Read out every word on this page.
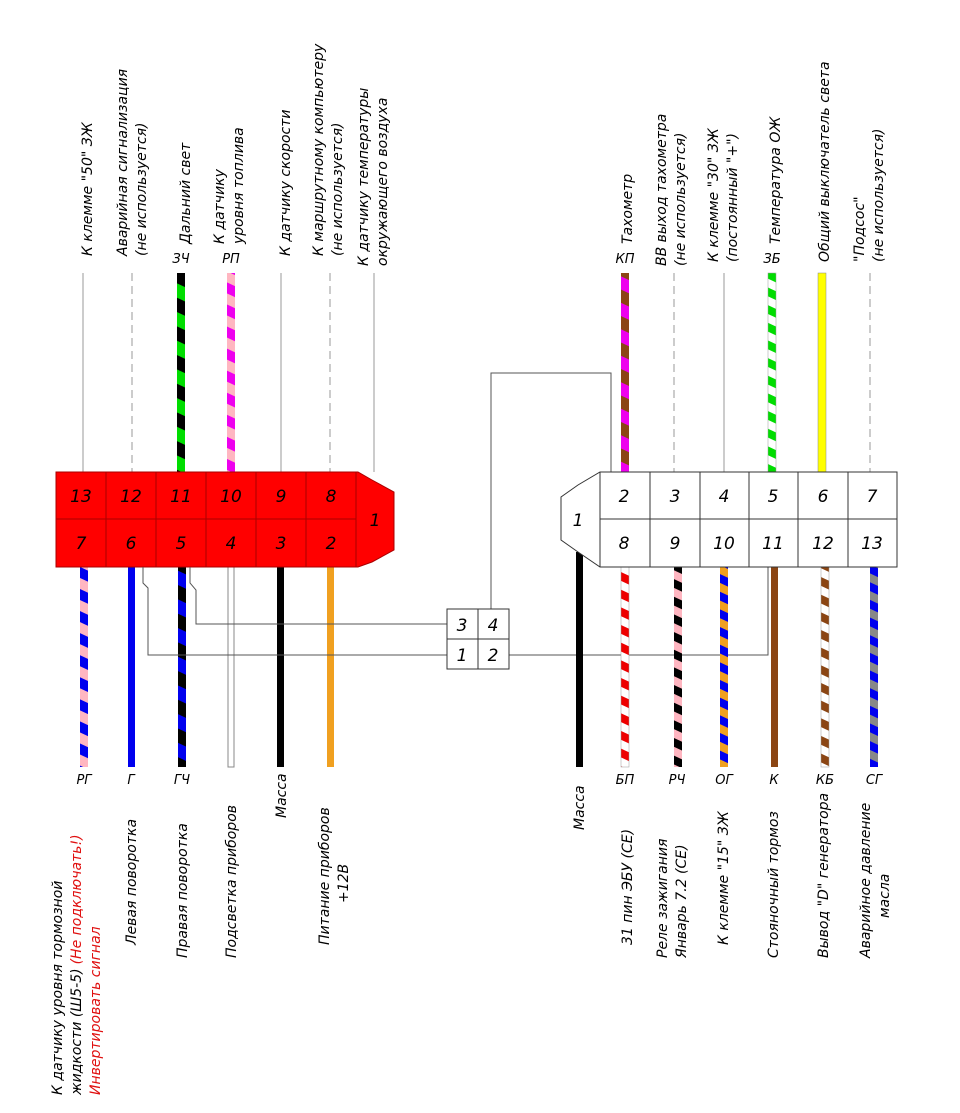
ЗЧ	РП
К клемме "50" ЗЖ Аварийная сигнализация (не используется) Дальний свет К датчику уровня топлива К датчику скорости К маршрутному компьютеру (не используется) К датчику температуры окружающего воздуха
РГ	Г	ГЧ
К датчику уровня тормозной жидкости (Ш5-5)(Не подключать!) Инвертировать сигнал
Левая поворотка	Правая поворотка Подсветка приборов
Масса
Питание приборов +12В
13 12 11 10 9 8
7 6 5 4 3 2
1
3 4
1 2
КП	ЗБ
Тахометр ВВ выход тахометра (не используется) К клемме "30" ЗЖ (постоянный "+") Температура ОЖ Общий выключатель света "Подсос" (не используется)
БП	РЧ ОГ	К	КБ СГ
Масса
31 пин ЭБУ (СЕ) Реле зажигания Январь 7.2 (СЕ) К клемме "15" ЗЖ Стояночный тормоз Вывод "D" генератора Аварийное давление масла
1
2 3 4 5 6 7
8 9 10 11 12 13
